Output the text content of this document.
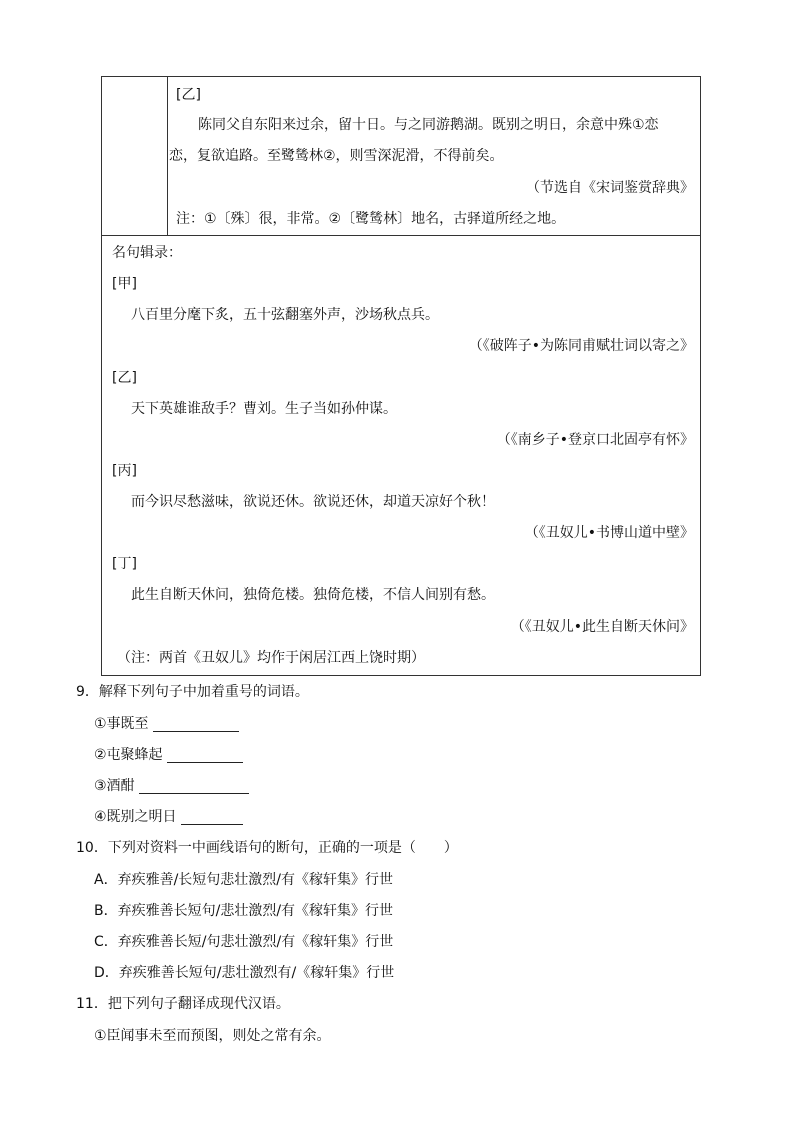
[乙]
陈同父自东阳来过余，留十日。与之同游鹅湖。既别之明日，余意中殊①恋
恋，复欲追路。至鹭鸶林②，则雪深泥滑，不得前矣。
（节选自《宋词鉴赏辞典》
注：①〔殊〕很，非常。②〔鹭鸶林〕地名，古驿道所经之地。
名句辑录：
[甲]
八百里分麾下炙，五十弦翻塞外声，沙场秋点兵。
（《破阵子•为陈同甫赋壮词以寄之》
[乙]
天下英雄谁敌手？曹刘。生子当如孙仲谋。
（《南乡子•登京口北固亭有怀》
[丙]
而今识尽愁滋味，欲说还休。欲说还休，却道天凉好个秋！
（《丑奴儿•书博山道中壁》
[丁]
此生自断天休问，独倚危楼。独倚危楼，不信人间别有愁。
（《丑奴儿•此生自断天休问》
（注：两首《丑奴儿》均作于闲居江西上饶时期）
9．解释下列句子中加着重号的词语。
①事既至
②屯聚蜂起
③酒酣
④既别之明日
10．下列对资料一中画线语句的断句，正确的一项是（　　）
A．弃疾雅善/长短句悲壮激烈/有《稼轩集》行世
B．弃疾雅善长短句/悲壮激烈/有《稼轩集》行世
C．弃疾雅善长短/句悲壮激烈/有《稼轩集》行世
D．弃疾雅善长短句/悲壮激烈有/《稼轩集》行世
11．把下列句子翻译成现代汉语。
①臣闻事未至而预图，则处之常有余。
